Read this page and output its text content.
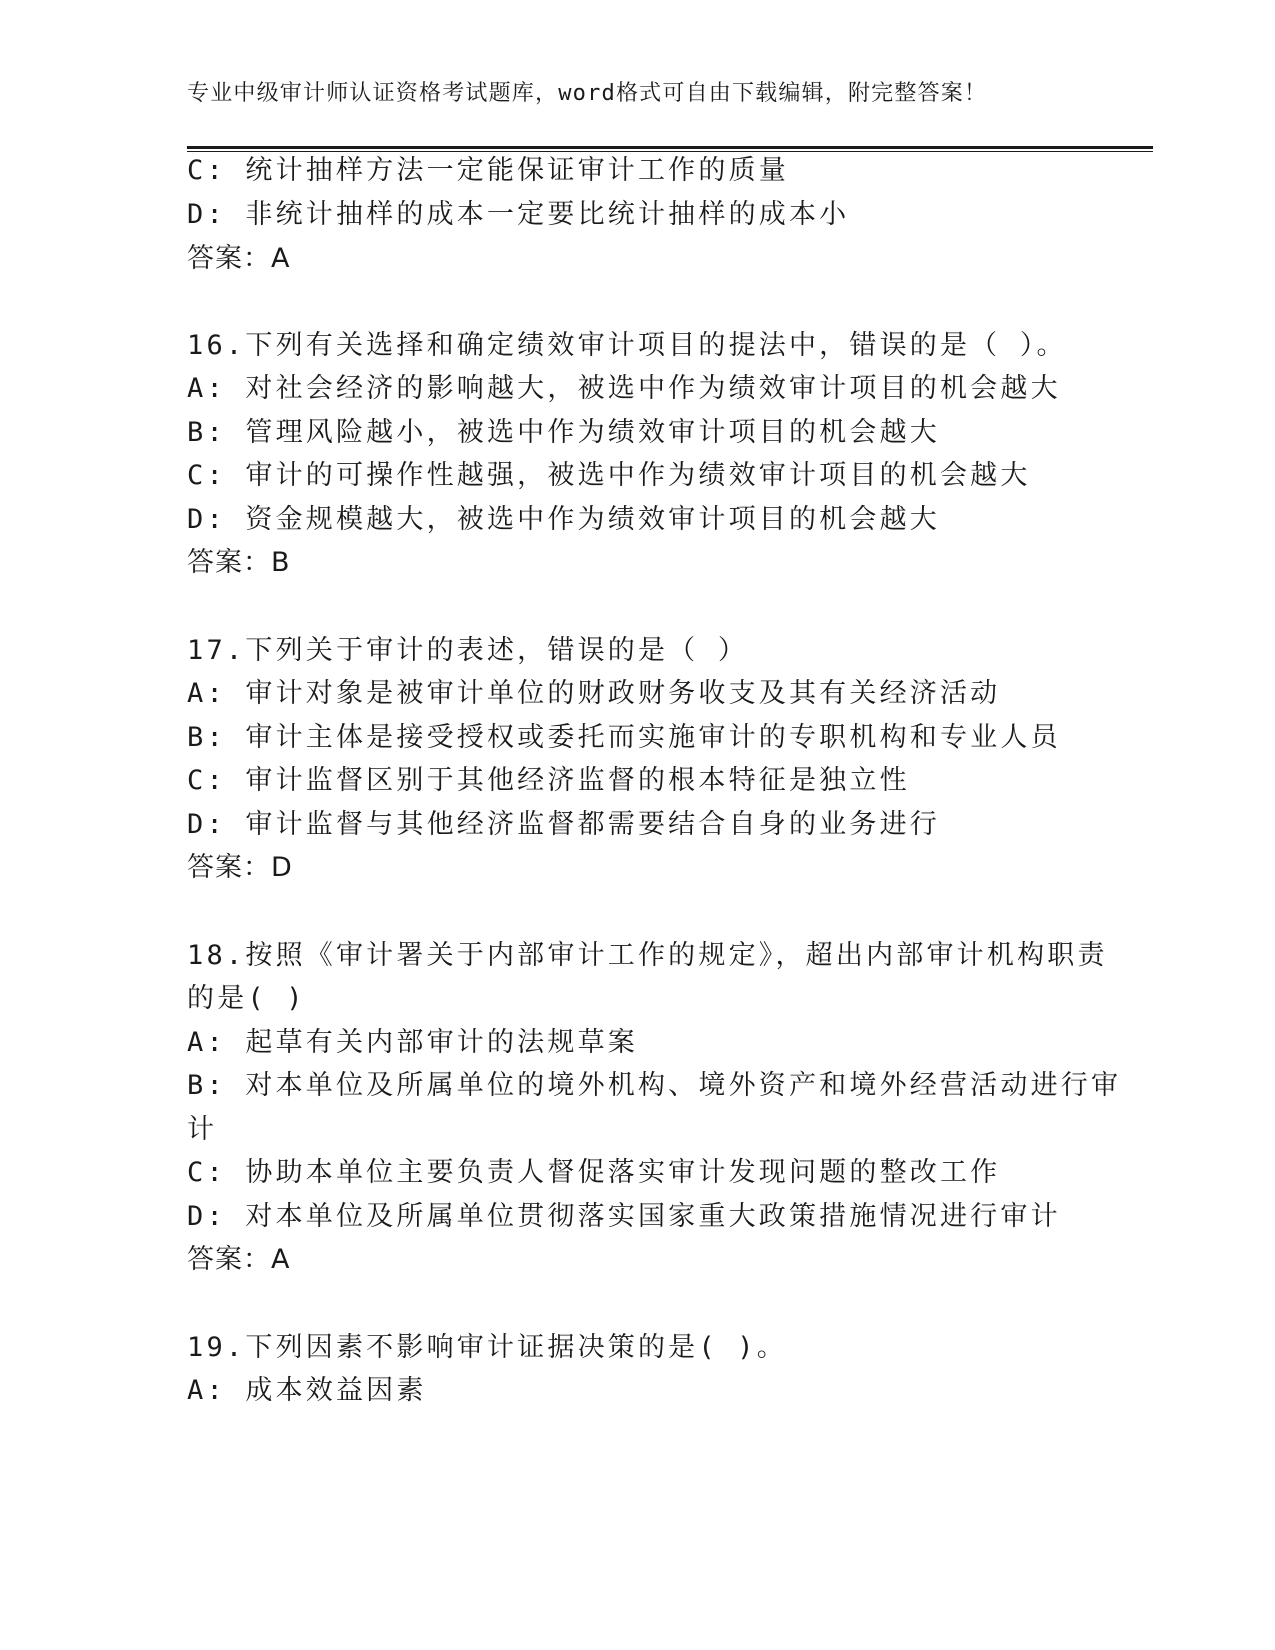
专业中级审计师认证资格考试题库，word格式可自由下载编辑，附完整答案！
C: 统计抽样方法一定能保证审计工作的质量
D: 非统计抽样的成本一定要比统计抽样的成本小
答案：A
16.下列有关选择和确定绩效审计项目的提法中，错误的是（ ）。
A: 对社会经济的影响越大，被选中作为绩效审计项目的机会越大
B: 管理风险越小，被选中作为绩效审计项目的机会越大
C: 审计的可操作性越强，被选中作为绩效审计项目的机会越大
D: 资金规模越大，被选中作为绩效审计项目的机会越大
答案：B
17.下列关于审计的表述，错误的是（ ）
A: 审计对象是被审计单位的财政财务收支及其有关经济活动
B: 审计主体是接受授权或委托而实施审计的专职机构和专业人员
C: 审计监督区别于其他经济监督的根本特征是独立性
D: 审计监督与其他经济监督都需要结合自身的业务进行
答案：D
18.按照《审计署关于内部审计工作的规定》，超出内部审计机构职责
的是( )
A: 起草有关内部审计的法规草案
B: 对本单位及所属单位的境外机构、境外资产和境外经营活动进行审
计
C: 协助本单位主要负责人督促落实审计发现问题的整改工作
D: 对本单位及所属单位贯彻落实国家重大政策措施情况进行审计
答案：A
19.下列因素不影响审计证据决策的是( )。
A: 成本效益因素
